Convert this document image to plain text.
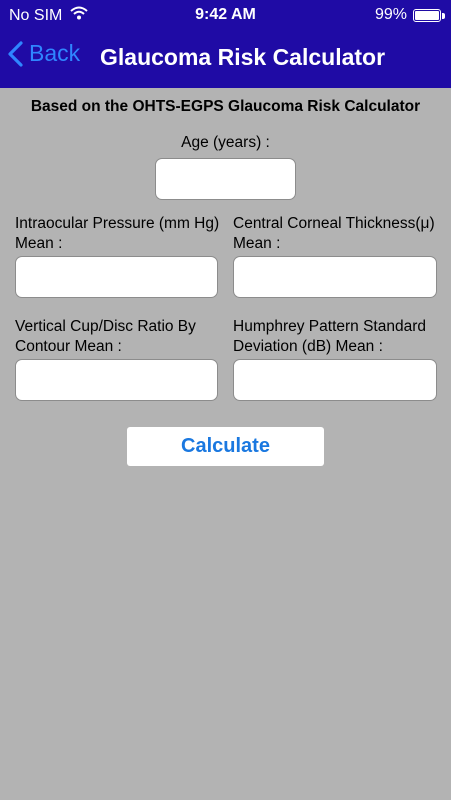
No SIM	9:42 AM	99%
Back Glaucoma Risk Calculator
Based on the OHTS-EGPS Glaucoma Risk Calculator
Age (years) :
Intraocular Pressure (mm Hg) Mean :
Central Corneal Thickness(μ) Mean :
Vertical Cup/Disc Ratio By Contour Mean :
Humphrey Pattern Standard Deviation (dB) Mean :
Calculate
